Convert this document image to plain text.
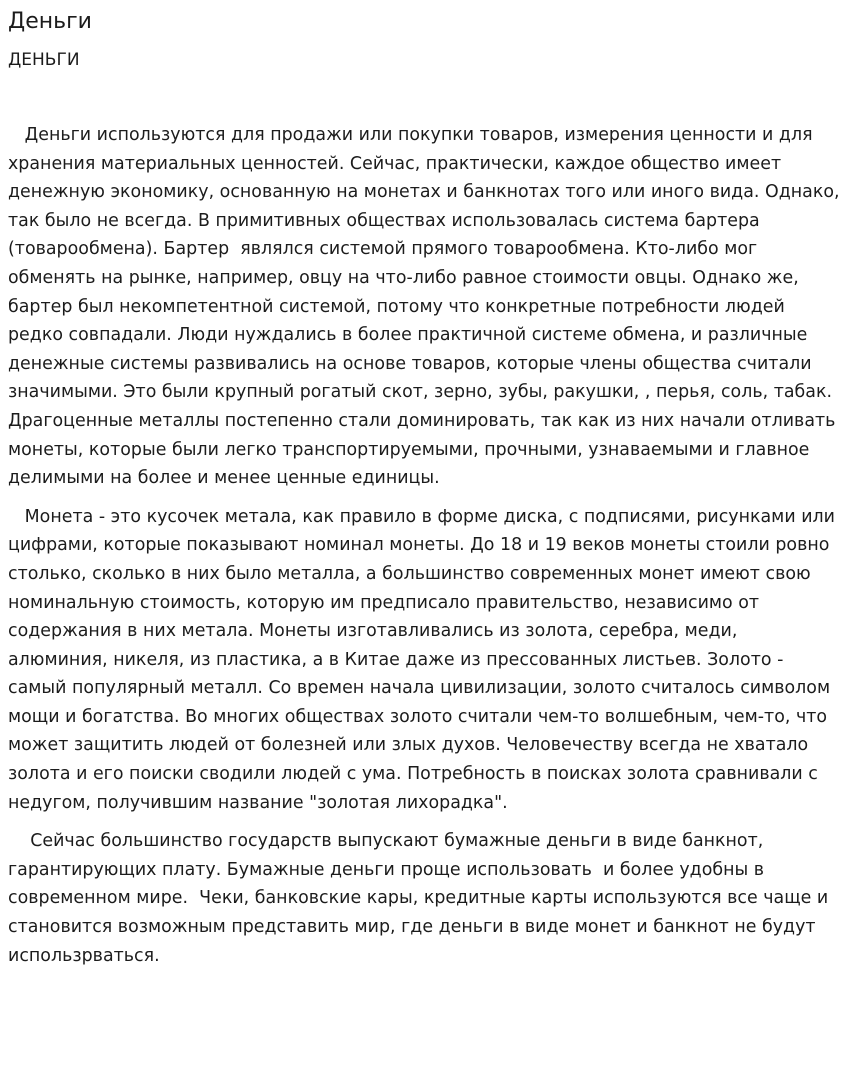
Деньги
ДЕНЬГИ

Деньги используются для продажи или покупки товаров, измерения ценности и для хранения материальных ценностей. Сейчас, практически, каждое общество имеет денежную экономику, основанную на монетах и банкнотах того или иного вида. Однако, так было не всегда. В примитивных обществах использовалась система бартера (товарообмена). Бартер  являлся системой прямого товарообмена. Кто-либо мог обменять на рынке, например, овцу на что-либо равное стоимости овцы. Однако же, бартер был некомпетентной системой, потому что конкретные потребности людей редко совпадали. Люди нуждались в более практичной системе обмена, и различные денежные системы развивались на основе товаров, которые члены общества считали значимыми. Это были крупный рогатый скот, зерно, зубы, ракушки, , перья, соль, табак.  Драгоценные металлы постепенно стали доминировать, так как из них начали отливать монеты, которые были легко транспортируемыми, прочными, узнаваемыми и главное делимыми на более и менее ценные единицы.

Монета - это кусочек метала, как правило в форме диска, с подписями, рисунками или цифрами, которые показывают номинал монеты. До 18 и 19 веков монеты стоили ровно столько, сколько в них было металла, а большинство современных монет имеют свою номинальную стоимость, которую им предписало правительство, независимо от  содержания в них метала. Монеты изготавливались из золота, серебра, меди, алюминия, никеля, из пластика, а в Китае даже из прессованных листьев. Золото - самый популярный металл. Со времен начала цивилизации, золото считалось символом мощи и богатства. Во многих обществах золото считали чем-то волшебным, чем-то, что может защитить людей от болезней или злых духов. Человечеству всегда не хватало золота и его поиски сводили людей с ума. Потребность в поисках золота сравнивали с недугом, получившим название "золотая лихорадка".

Сейчас большинство государств выпускают бумажные деньги в виде банкнот, гарантирующих плату. Бумажные деньги проще использовать  и более удобны в современном мире.  Чеки, банковские кары, кредитные карты используются все чаще и становится возможным представить мир, где деньги в виде монет и банкнот не будут использрваться.
